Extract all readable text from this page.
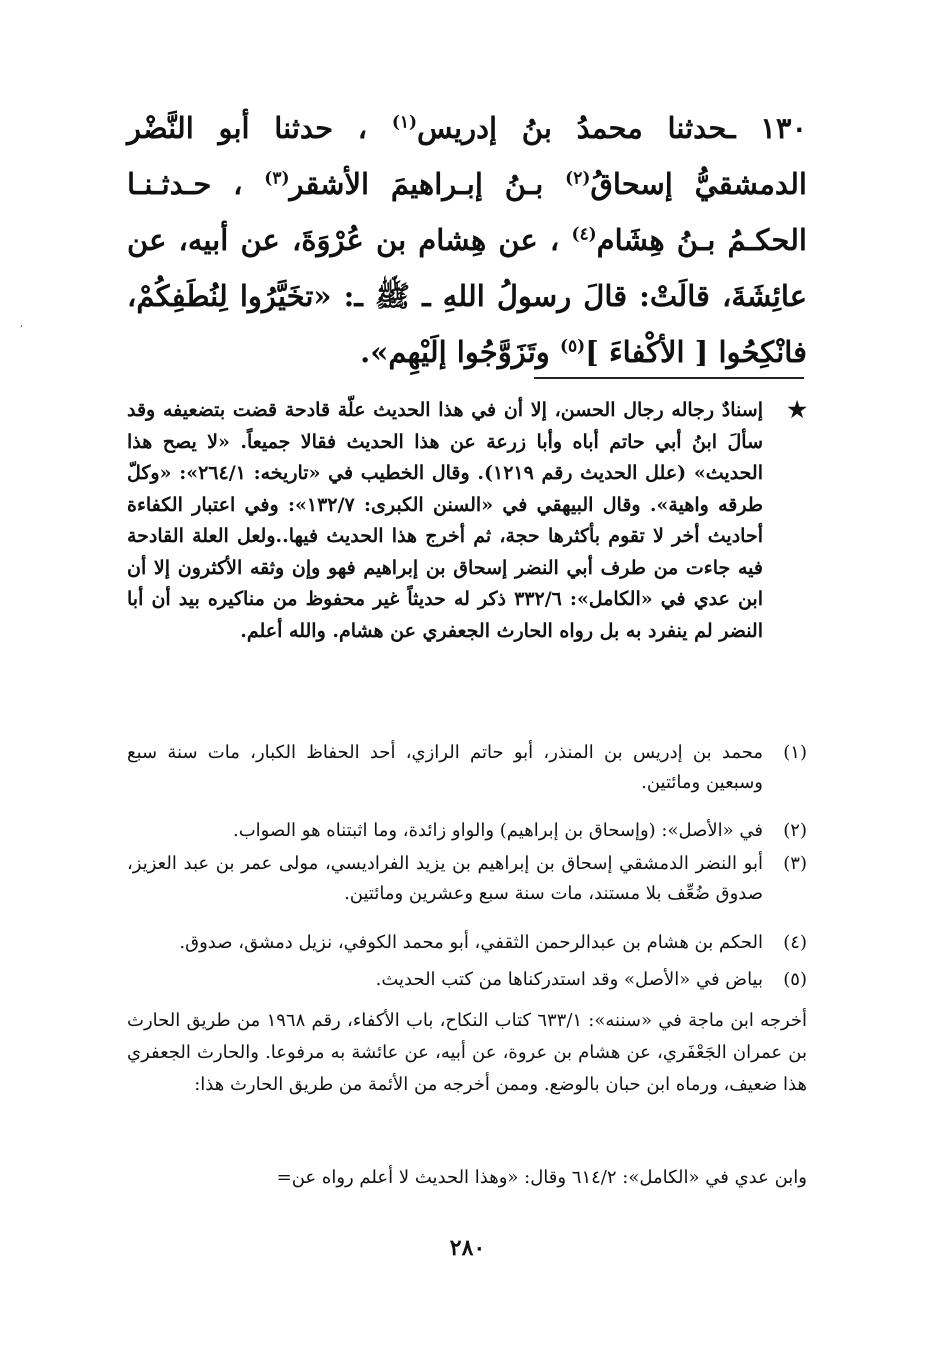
,

١٣٠ ـحدثنا محمدُ بنُ إدريس$^{(١)}$ ، حدثنا أبو النَّضْر الدمشقيُّ إسحاقُ$^{(٢)}$ بـنُ إبـراهيمَ الأشقر$^{(٣)}$ ، حـدثـنـا الحكـمُ بـنُ هِشَام$^{(٤)}$ ، عن هِشام بن عُرْوَةَ، عن أبيه، عن عائِشَةَ، قالَتْ: قالَ رسولُ اللهِ ـ ﷺ ـ: «تخَيَّرُوا لِنُطَفِكُمْ، فانْكِحُوا [ الأكْفاءَ ]$^{(٥)}$ وتَزَوَّجُوا إلَيْهِم».

★
إسنادٌ رجاله رجال الحسن، إلا أن في هذا الحديث علّة قادحة قضت بتضعيفه وقد سألَ ابنُ أبي حاتم أباه وأبا زرعة عن هذا الحديث فقالا جميعاً. «لا يصح هذا الحديث» (علل الحديث رقم ١٢١٩). وقال الخطيب في «تاريخه: ٢٦٤/١»: «وكلّ طرقه واهية». وقال البيهقي في «السنن الكبرى: ١٣٢/٧»: وفي اعتبار الكفاءة أحاديث أخر لا تقوم بأكثرها حجة، ثم أخرج هذا الحديث فيها..ولعل العلة القادحة فيه جاءت من طرف أبي النضر إسحاق بن إبراهيم فهو وإن وثقه الأكثرون إلا أن ابن عدي في «الكامل»: ٣٣٢/٦ ذكر له حديثاً غير محفوظ من مناكيره بيد أن أبا النضر لم ينفرد به بل رواه الحارث الجعفري عن هشام. والله أعلم.
(١)
محمد بن إدريس بن المنذر، أبو حاتم الرازي، أحد الحفاظ الكبار، مات سنة سبع وسبعين ومائتين.
(٢)
في «الأصل»: (وإسحاق بن إبراهيم) والواو زائدة، وما اثبتناه هو الصواب.
(٣)
أبو النضر الدمشقي إسحاق بن إبراهيم بن يزيد الفراديسي، مولى عمر بن عبد العزيز، صدوق ضُعِّف بلا مستند، مات سنة سبع وعشرين ومائتين.
(٤)
الحكم بن هشام بن عبدالرحمن الثقفي، أبو محمد الكوفي، نزيل دمشق، صدوق.
(٥)
بياض في «الأصل» وقد استدركناها من كتب الحديث.
أخرجه ابن ماجة في «سننه»: ٦٣٣/١ كتاب النكاح، باب الأكفاء، رقم ١٩٦٨ من طريق الحارث بن عمران الجَعْفَري، عن هشام بن عروة، عن أبيه، عن عائشة به مرفوعا. والحارث الجعفري هذا ضعيف، ورماه ابن حبان بالوضع. وممن أخرجه من الأئمة من طريق الحارث هذا:
وابن عدي في «الكامل»: ٦١٤/٢ وقال: «وهذا الحديث لا أعلم رواه عن=
٢٨٠
